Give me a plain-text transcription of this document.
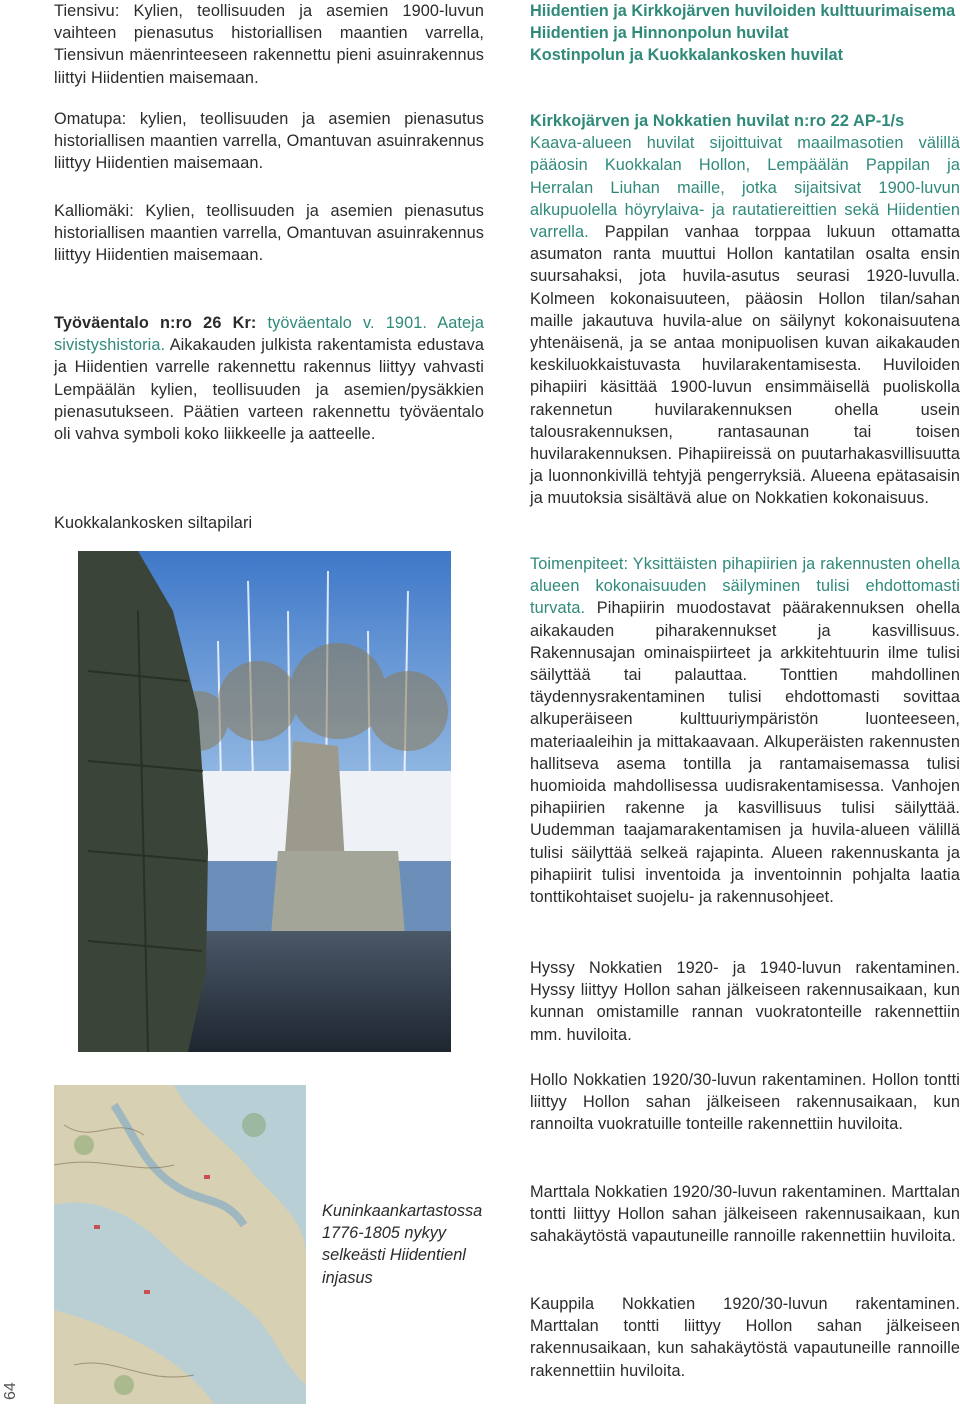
Tiensivu: Kylien, teollisuuden ja asemien 1900-luvun vaihteen pienasutus historiallisen maantien varrella, Tiensivun mäenrinteeseen rakennettu pieni asuinrakennus liittyi Hiidentien maisemaan.

Omatupa: kylien, teollisuuden ja asemien pienasutus historiallisen maantien varrella, Omantuvan asuinrakennus liittyy Hiidentien maisemaan.

Kalliomäki: Kylien, teollisuuden ja asemien pienasutus historiallisen maantien varrella, Omantuvan asuinrakennus liittyy Hiidentien maisemaan.

Työväentalo n:ro 26 Kr: työväentalo v. 1901. Aateja sivistyshistoria. Aikakauden julkista rakentamista edustava ja Hiidentien varrelle rakennettu rakennus liittyy vahvasti Lempäälän kylien, teollisuuden ja asemien/pysäkkien pienasutukseen. Päätien varteen rakennettu työväentalo oli vahva symboli koko liikkeelle ja aatteelle.

Kuokkalankosken siltapilari

Kuninkaankartastossa 1776-1805 nykyy selkeästi Hiidentienl injasus

Hiidentien ja Kirkkojärven huviloiden kulttuurimaisema
Hiidentien ja Hinnonpolun huvilat
Kostinpolun ja Kuokkalankosken huvilat

Kirkkojärven ja Nokkatien huvilat n:ro 22 AP-1/s
Kaava-alueen huvilat sijoittuivat maailmasotien välillä pääosin Kuokkalan Hollon, Lempäälän Pappilan ja Herralan Liuhan maille, jotka sijaitsivat 1900-luvun alkupuolella höyrylaiva- ja rautatiereittien sekä Hiidentien varrella. Pappilan vanhaa torppaa lukuun ottamatta asumaton ranta muuttui Hollon kantatilan osalta ensin suursahaksi, jota huvila-asutus seurasi 1920-luvulla. Kolmeen kokonaisuuteen, pääosin Hollon tilan/sahan maille jakautuva huvila-alue on säilynyt kokonaisuutena yhtenäisenä, ja se antaa monipuolisen kuvan aikakauden keskiluokkaistuvasta huvilarakentamisesta. Huviloiden pihapiiri käsittää 1900-luvun ensimmäisellä puoliskolla rakennetun huvilarakennuksen ohella usein talousrakennuksen, rantasaunan tai toisen huvilarakennuksen. Pihapiireissä on puutarhakasvillisuutta ja luonnonkivillä tehtyjä pengerryksiä. Alueena epätasaisin ja muutoksia sisältävä alue on Nokkatien kokonaisuus.

Toimenpiteet: Yksittäisten pihapiirien ja rakennusten ohella alueen kokonaisuuden säilyminen tulisi ehdottomasti turvata. Pihapiirin muodostavat päärakennuksen ohella aikakauden piharakennukset ja kasvillisuus. Rakennusajan ominaispiirteet ja arkkitehtuurin ilme tulisi säilyttää tai palauttaa. Tonttien mahdollinen täydennysrakentaminen tulisi ehdottomasti sovittaa alkuperäiseen kulttuuriympäristön luonteeseen, materiaaleihin ja mittakaavaan. Alkuperäisten rakennusten hallitseva asema tontilla ja rantamaisemassa tulisi huomioida mahdollisessa uudisrakentamisessa. Vanhojen pihapiirien rakenne ja kasvillisuus tulisi säilyttää. Uudemman taajamarakentamisen ja huvila-alueen välillä tulisi säilyttää selkeä rajapinta. Alueen rakennuskanta ja pihapiirit tulisi inventoida ja inventoinnin pohjalta laatia tonttikohtaiset suojelu- ja rakennusohjeet.

Hyssy Nokkatien 1920- ja 1940-luvun rakentaminen. Hyssy liittyy Hollon sahan jälkeiseen rakennusaikaan, kun kunnan omistamille rannan vuokratonteille rakennettiin mm. huviloita.

Hollo Nokkatien 1920/30-luvun rakentaminen. Hollon tontti liittyy Hollon sahan jälkeiseen rakennusaikaan, kun rannoilta vuokratuille tonteille rakennettiin huviloita.

Marttala Nokkatien 1920/30-luvun rakentaminen. Marttalan tontti liittyy Hollon sahan jälkeiseen rakennusaikaan, kun sahakäytöstä vapautuneille rannoille rakennettiin huviloita.

Kauppila Nokkatien 1920/30-luvun rakentaminen. Marttalan tontti liittyy Hollon sahan jälkeiseen rakennusaikaan, kun sahakäytöstä vapautuneille rannoille rakennettiin huviloita.

64
